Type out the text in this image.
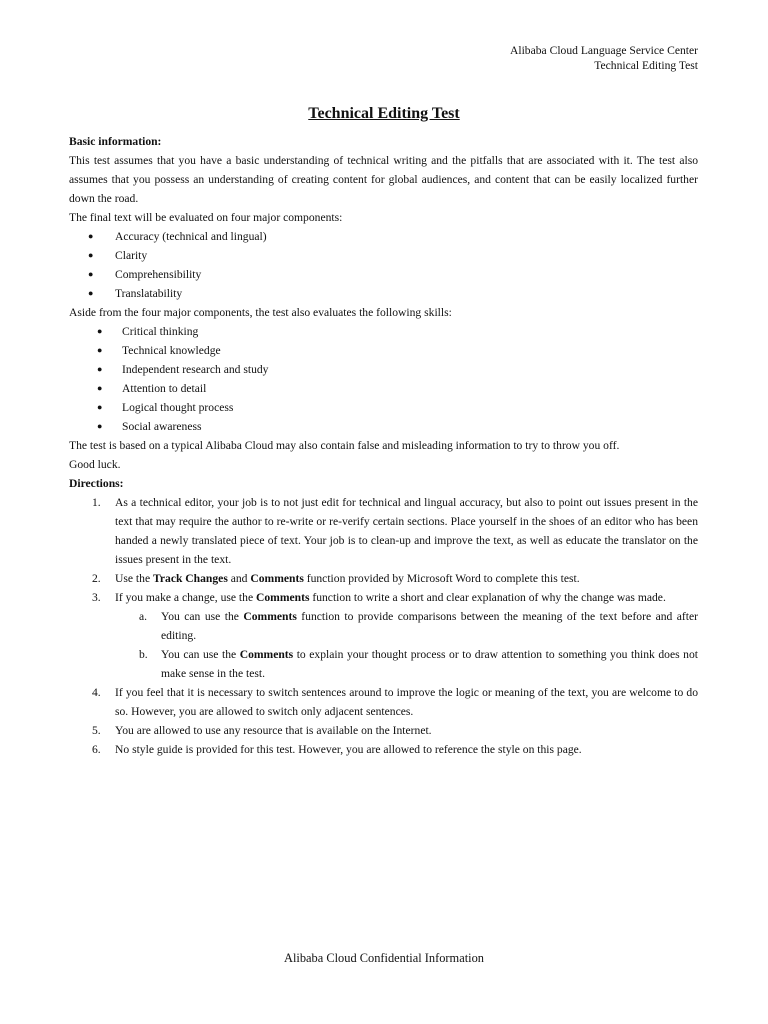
Alibaba Cloud Language Service Center
Technical Editing Test
Technical Editing Test

Basic information:

This test assumes that you have a basic understanding of technical writing and the pitfalls that are associated with it. The test also assumes that you possess an understanding of creating content for global audiences, and content that can be easily localized further down the road.

The final text will be evaluated on four major components:

● Accuracy (technical and lingual)
● Clarity
● Comprehensibility
● Translatability

Aside from the four major components, the test also evaluates the following skills:

● Critical thinking
● Technical knowledge
● Independent research and study
● Attention to detail
● Logical thought process
● Social awareness

The test is based on a typical Alibaba Cloud may also contain false and misleading information to try to throw you off.

Good luck.

Directions:

1. As a technical editor, your job is to not just edit for technical and lingual accuracy, but also to point out issues present in the text that may require the author to re-write or re-verify certain sections. Place yourself in the shoes of an editor who has been handed a newly translated piece of text. Your job is to clean-up and improve the text, as well as educate the translator on the issues present in the text.
2. Use the Track Changes and Comments function provided by Microsoft Word to complete this test.
3. If you make a change, use the Comments function to write a short and clear explanation of why the change was made.
a. You can use the Comments function to provide comparisons between the meaning of the text before and after editing.
b. You can use the Comments to explain your thought process or to draw attention to something you think does not make sense in the test.
4. If you feel that it is necessary to switch sentences around to improve the logic or meaning of the text, you are welcome to do so. However, you are allowed to switch only adjacent sentences.
5. You are allowed to use any resource that is available on the Internet.
6. No style guide is provided for this test. However, you are allowed to reference the style on this page.
Alibaba Cloud Confidential Information
